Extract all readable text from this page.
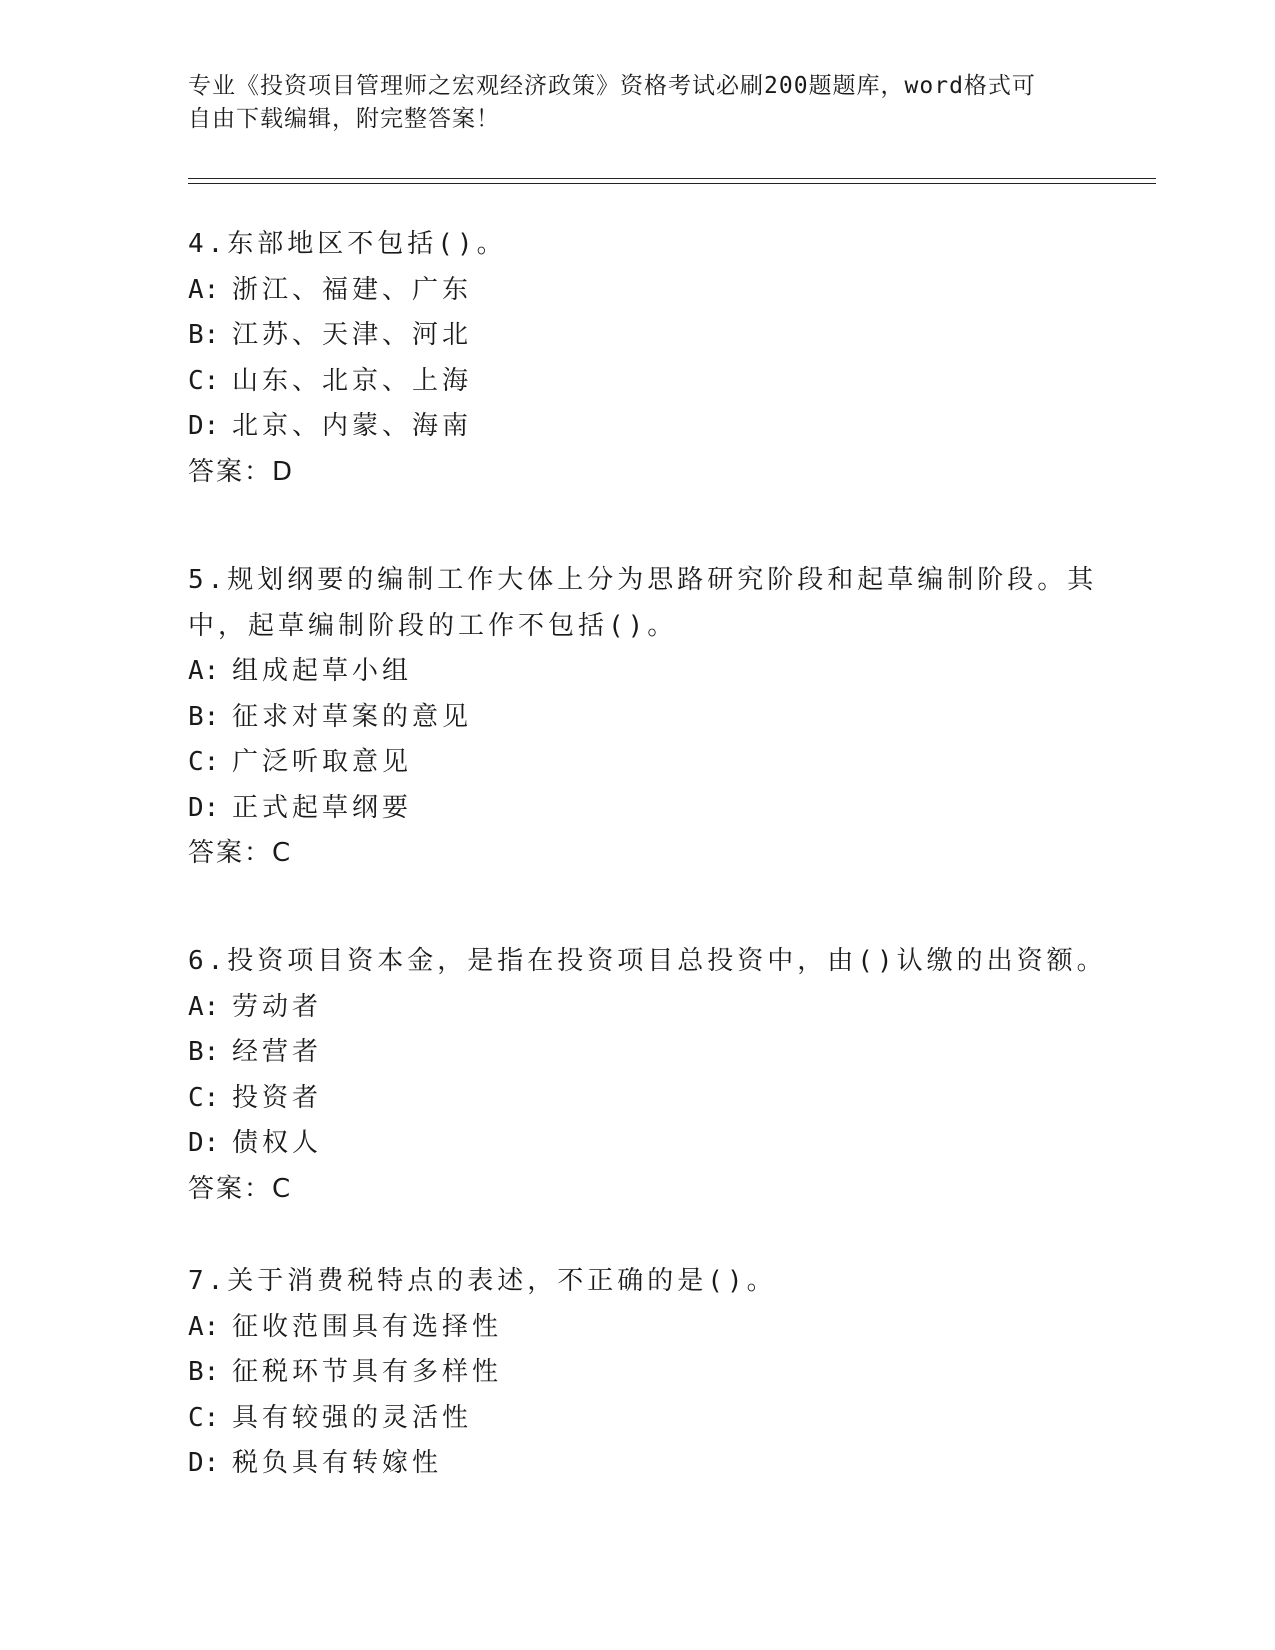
专业《投资项目管理师之宏观经济政策》资格考试必刷200题题库，word格式可
自由下载编辑，附完整答案！
4.东部地区不包括()。
A: 浙江、福建、广东
B: 江苏、天津、河北
C: 山东、北京、上海
D: 北京、内蒙、海南
答案：D
5.规划纲要的编制工作大体上分为思路研究阶段和起草编制阶段。其
中，起草编制阶段的工作不包括()。
A: 组成起草小组
B: 征求对草案的意见
C: 广泛听取意见
D: 正式起草纲要
答案：C
6.投资项目资本金，是指在投资项目总投资中，由()认缴的出资额。
A: 劳动者
B: 经营者
C: 投资者
D: 债权人
答案：C
7.关于消费税特点的表述，不正确的是()。
A: 征收范围具有选择性
B: 征税环节具有多样性
C: 具有较强的灵活性
D: 税负具有转嫁性
